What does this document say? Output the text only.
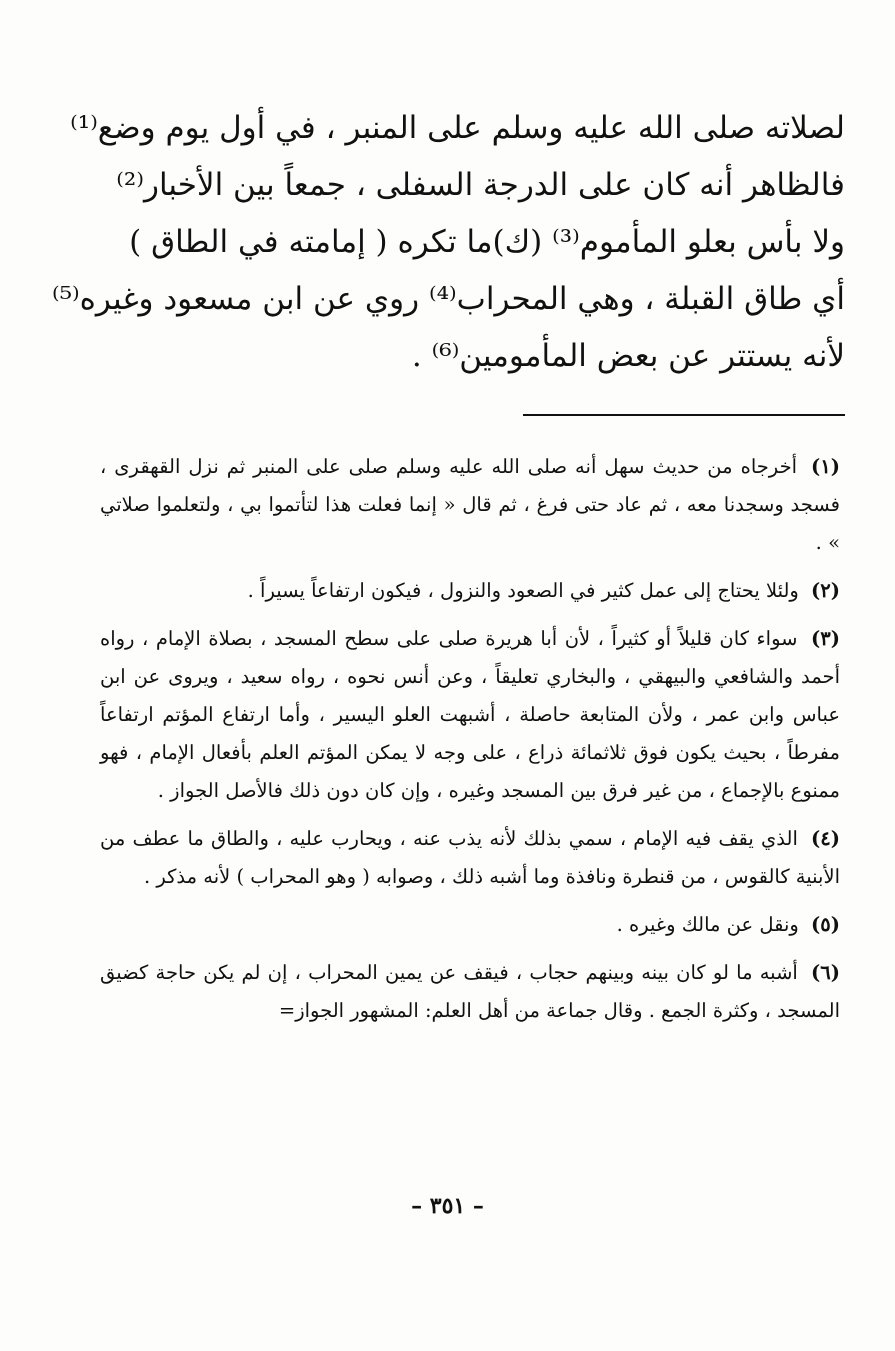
لصلاته صلى الله عليه وسلم على المنبر ، في أول يوم وضع⁽¹⁾
فالظاهر أنه كان على الدرجة السفلى ، جمعاً بين الأخبار⁽²⁾
ولا بأس بعلو المأموم⁽³⁾ (ك)ما تكره ( إمامته في الطاق )
أي طاق القبلة ، وهي المحراب⁽⁴⁾ روي عن ابن مسعود وغيره⁽⁵⁾
لأنه يستتر عن بعض المأمومين⁽⁶⁾ .

(١) أخرجاه من حديث سهل أنه صلى الله عليه وسلم صلى على المنبر ثم نزل القهقرى ، فسجد وسجدنا معه ، ثم عاد حتى فرغ ، ثم قال « إنما فعلت هذا لتأتموا بي ، ولتعلموا صلاتي » .

(٢) ولئلا يحتاج إلى عمل كثير في الصعود والنزول ، فيكون ارتفاعاً يسيراً .

(٣) سواء كان قليلاً أو كثيراً ، لأن أبا هريرة صلى على سطح المسجد ، بصلاة الإمام ، رواه أحمد والشافعي والبيهقي ، والبخاري تعليقاً ، وعن أنس نحوه ، رواه سعيد ، ويروى عن ابن عباس وابن عمر ، ولأن المتابعة حاصلة ، أشبهت العلو اليسير ، وأما ارتفاع المؤتم ارتفاعاً مفرطاً ، بحيث يكون فوق ثلاثمائة ذراع ، على وجه لا يمكن المؤتم العلم بأفعال الإمام ، فهو ممنوع بالإجماع ، من غير فرق بين المسجد وغيره ، وإن كان دون ذلك فالأصل الجواز .

(٤) الذي يقف فيه الإمام ، سمي بذلك لأنه يذب عنه ، ويحارب عليه ، والطاق ما عطف من الأبنية كالقوس ، من قنطرة ونافذة وما أشبه ذلك ، وصوابه ( وهو المحراب ) لأنه مذكر .

(٥) ونقل عن مالك وغيره .

(٦) أشبه ما لو كان بينه وبينهم حجاب ، فيقف عن يمين المحراب ، إن لم يكن حاجة كضيق المسجد ، وكثرة الجمع . وقال جماعة من أهل العلم: المشهور الجواز=

– ٣٥١ –
